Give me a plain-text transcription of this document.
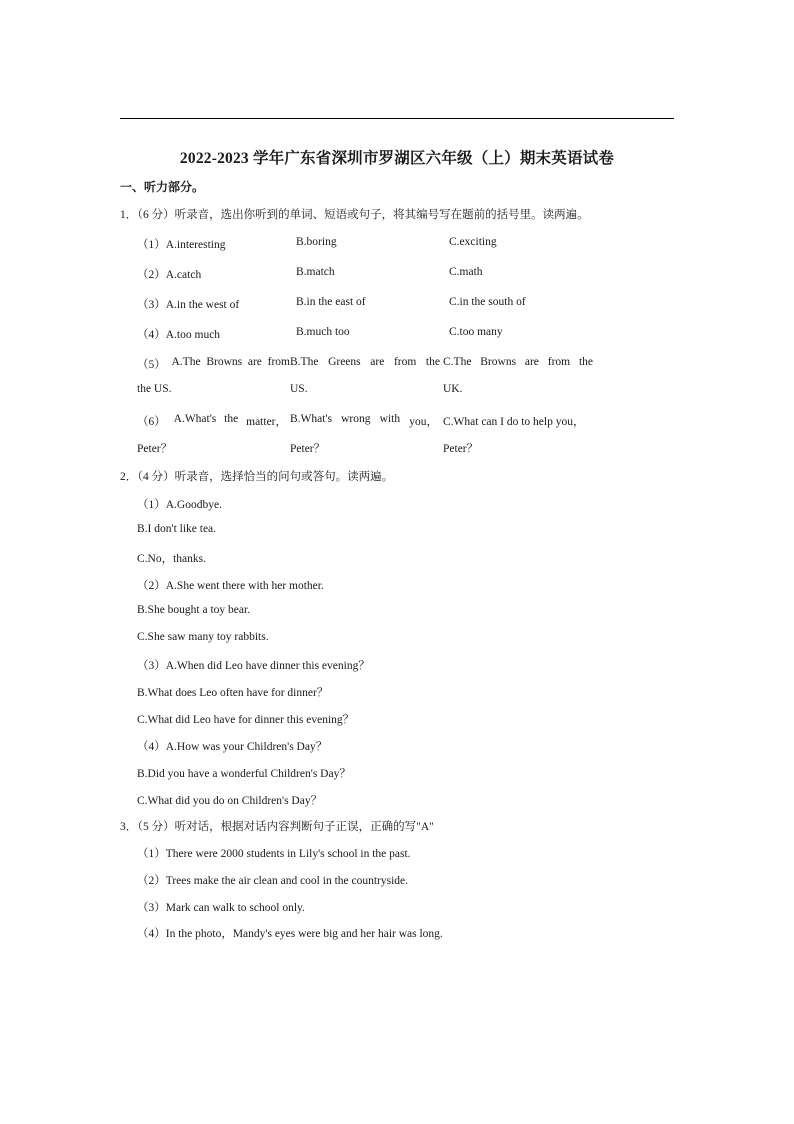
2022-2023 学年广东省深圳市罗湖区六年级（上）期末英语试卷
一、听力部分。
1．（6 分）听录音，选出你听到的单词、短语或句子，将其编号写在题前的括号里。读两遍。
（1）A.interesting	B.boring	C.exciting
（2）A.catch	B.match	C.math
（3）A.in the west of	B.in the east of	C.in the south of
（4）A.too much	B.much too	C.too many
（5） A.The Browns are from B.The Greens are from the C.The Browns are from the
the US.	US.	UK.
（6） A.What's the matter， B.What's wrong with you， C.What can I do to help you，
Peter？	Peter？	Peter？
2．（4 分）听录音，选择恰当的问句或答句。读两遍。
（1）A.Goodbye.
B.I don't like tea.
C.No，thanks.
（2）A.She went there with her mother.
B.She bought a toy bear.
C.She saw many toy rabbits.
（3）A.When did Leo have dinner this evening？
B.What does Leo often have for dinner？
C.What did Leo have for dinner this evening？
（4）A.How was your Children's Day？
B.Did you have a wonderful Children's Day？
C.What did you do on Children's Day？
3．（5 分）听对话，根据对话内容判断句子正误，正确的写"A"
（1）There were 2000 students in Lily's school in the past.
（2）Trees make the air clean and cool in the countryside.
（3）Mark can walk to school only.
（4）In the photo，Mandy's eyes were big and her hair was long.
